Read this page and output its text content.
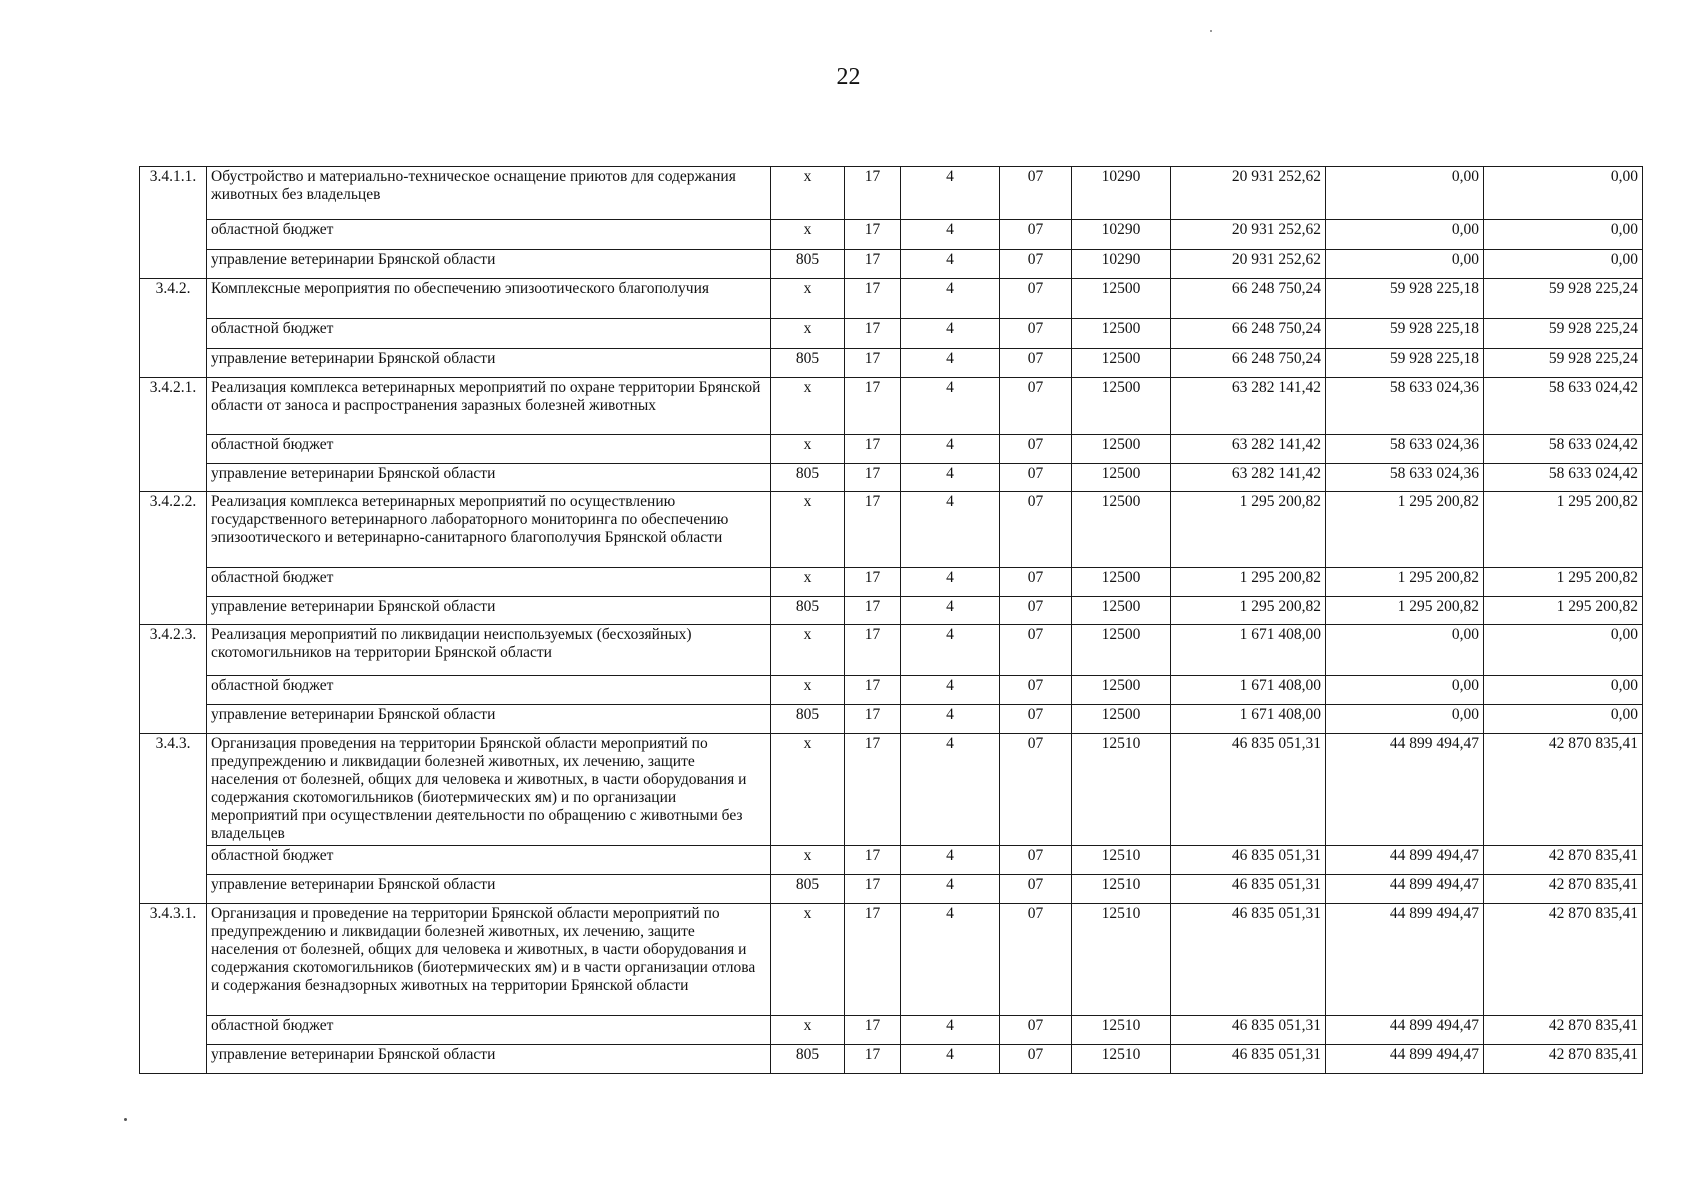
22
3.4.1.1.	Обустройство и материально-техническое оснащение приютов для содержания животных без владельцев	х	17	4	07	10290	20 931 252,62	0,00	0,00
	областной бюджет	х	17	4	07	10290	20 931 252,62	0,00	0,00
	управление ветеринарии Брянской области	805	17	4	07	10290	20 931 252,62	0,00	0,00
3.4.2.	Комплексные мероприятия по обеспечению эпизоотического благополучия	х	17	4	07	12500	66 248 750,24	59 928 225,18	59 928 225,24
	областной бюджет	х	17	4	07	12500	66 248 750,24	59 928 225,18	59 928 225,24
	управление ветеринарии Брянской области	805	17	4	07	12500	66 248 750,24	59 928 225,18	59 928 225,24
3.4.2.1.	Реализация комплекса ветеринарных мероприятий по охране территории Брянской области от заноса и распространения заразных болезней животных	х	17	4	07	12500	63 282 141,42	58 633 024,36	58 633 024,42
	областной бюджет	х	17	4	07	12500	63 282 141,42	58 633 024,36	58 633 024,42
	управление ветеринарии Брянской области	805	17	4	07	12500	63 282 141,42	58 633 024,36	58 633 024,42
3.4.2.2.	Реализация комплекса ветеринарных мероприятий по осуществлению государственного ветеринарного лабораторного мониторинга по обеспечению эпизоотического и ветеринарно-санитарного благополучия Брянской области	х	17	4	07	12500	1 295 200,82	1 295 200,82	1 295 200,82
	областной бюджет	х	17	4	07	12500	1 295 200,82	1 295 200,82	1 295 200,82
	управление ветеринарии Брянской области	805	17	4	07	12500	1 295 200,82	1 295 200,82	1 295 200,82
3.4.2.3.	Реализация мероприятий по ликвидации неиспользуемых (бесхозяйных) скотомогильников на территории Брянской области	х	17	4	07	12500	1 671 408,00	0,00	0,00
	областной бюджет	х	17	4	07	12500	1 671 408,00	0,00	0,00
	управление ветеринарии Брянской области	805	17	4	07	12500	1 671 408,00	0,00	0,00
3.4.3.	Организация проведения на территории Брянской области мероприятий по предупреждению и ликвидации болезней животных, их лечению, защите населения от болезней, общих для человека и животных, в части оборудования и содержания скотомогильников (биотермических ям) и по организации мероприятий при осуществлении деятельности по обращению с животными без владельцев	х	17	4	07	12510	46 835 051,31	44 899 494,47	42 870 835,41
	областной бюджет	х	17	4	07	12510	46 835 051,31	44 899 494,47	42 870 835,41
	управление ветеринарии Брянской области	805	17	4	07	12510	46 835 051,31	44 899 494,47	42 870 835,41
3.4.3.1.	Организация и проведение на территории Брянской области мероприятий по предупреждению и ликвидации болезней животных, их лечению, защите населения от болезней, общих для человека и животных, в части оборудования и содержания скотомогильников (биотермических ям) и в части организации отлова и содержания безнадзорных животных на территории Брянской области	х	17	4	07	12510	46 835 051,31	44 899 494,47	42 870 835,41
	областной бюджет	х	17	4	07	12510	46 835 051,31	44 899 494,47	42 870 835,41
	управление ветеринарии Брянской области	805	17	4	07	12510	46 835 051,31	44 899 494,47	42 870 835,41
